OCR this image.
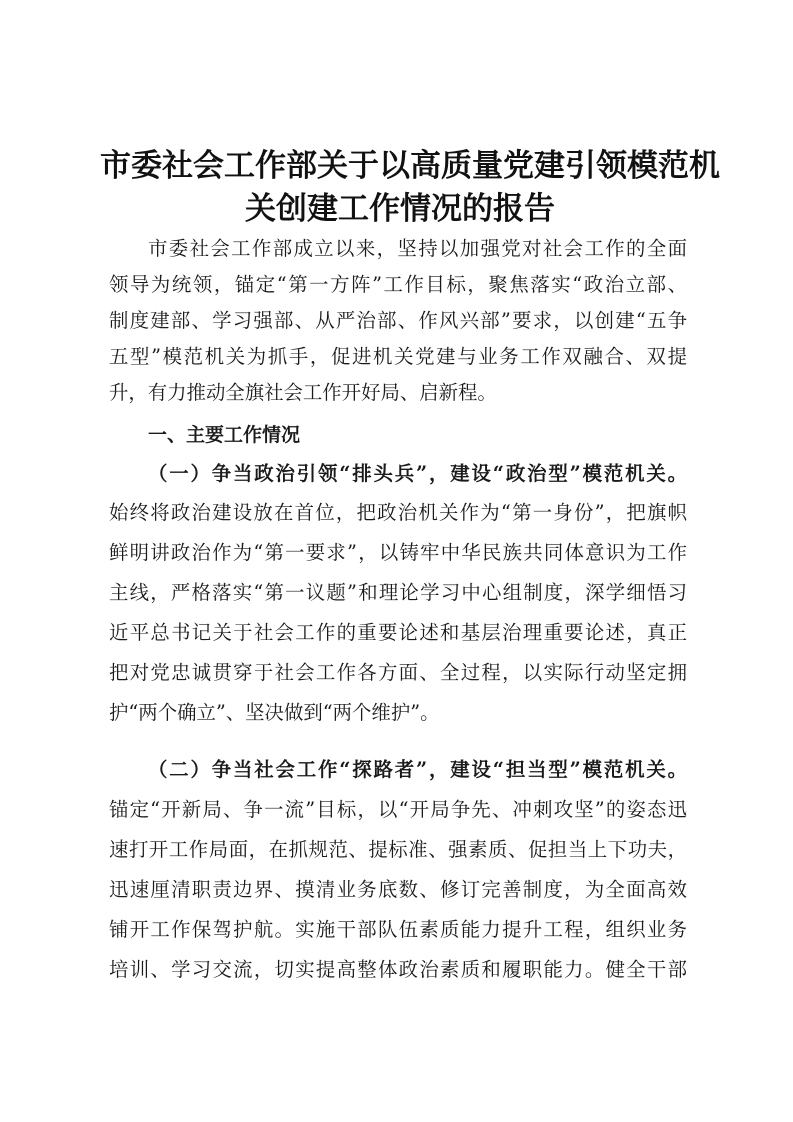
市委社会工作部关于以高质量党建引领模范机
关创建工作情况的报告
市委社会工作部成立以来，坚持以加强党对社会工作的全面
领导为统领，锚定“第一方阵”工作目标，聚焦落实“政治立部、
制度建部、学习强部、从严治部、作风兴部”要求，以创建“五争
五型”模范机关为抓手，促进机关党建与业务工作双融合、双提
升，有力推动全旗社会工作开好局、启新程。
一、主要工作情况
（一）争当政治引领“排头兵”，建设“政治型”模范机关。
始终将政治建设放在首位，把政治机关作为“第一身份”，把旗帜
鲜明讲政治作为“第一要求”，以铸牢中华民族共同体意识为工作
主线，严格落实“第一议题”和理论学习中心组制度，深学细悟习
近平总书记关于社会工作的重要论述和基层治理重要论述，真正
把对党忠诚贯穿于社会工作各方面、全过程，以实际行动坚定拥
护“两个确立”、坚决做到“两个维护”。
（二）争当社会工作“探路者”，建设“担当型”模范机关。
锚定“开新局、争一流”目标，以“开局争先、冲刺攻坚”的姿态迅
速打开工作局面，在抓规范、提标准、强素质、促担当上下功夫，
迅速厘清职责边界、摸清业务底数、修订完善制度，为全面高效
铺开工作保驾护航。实施干部队伍素质能力提升工程，组织业务
培训、学习交流，切实提高整体政治素质和履职能力。健全干部
